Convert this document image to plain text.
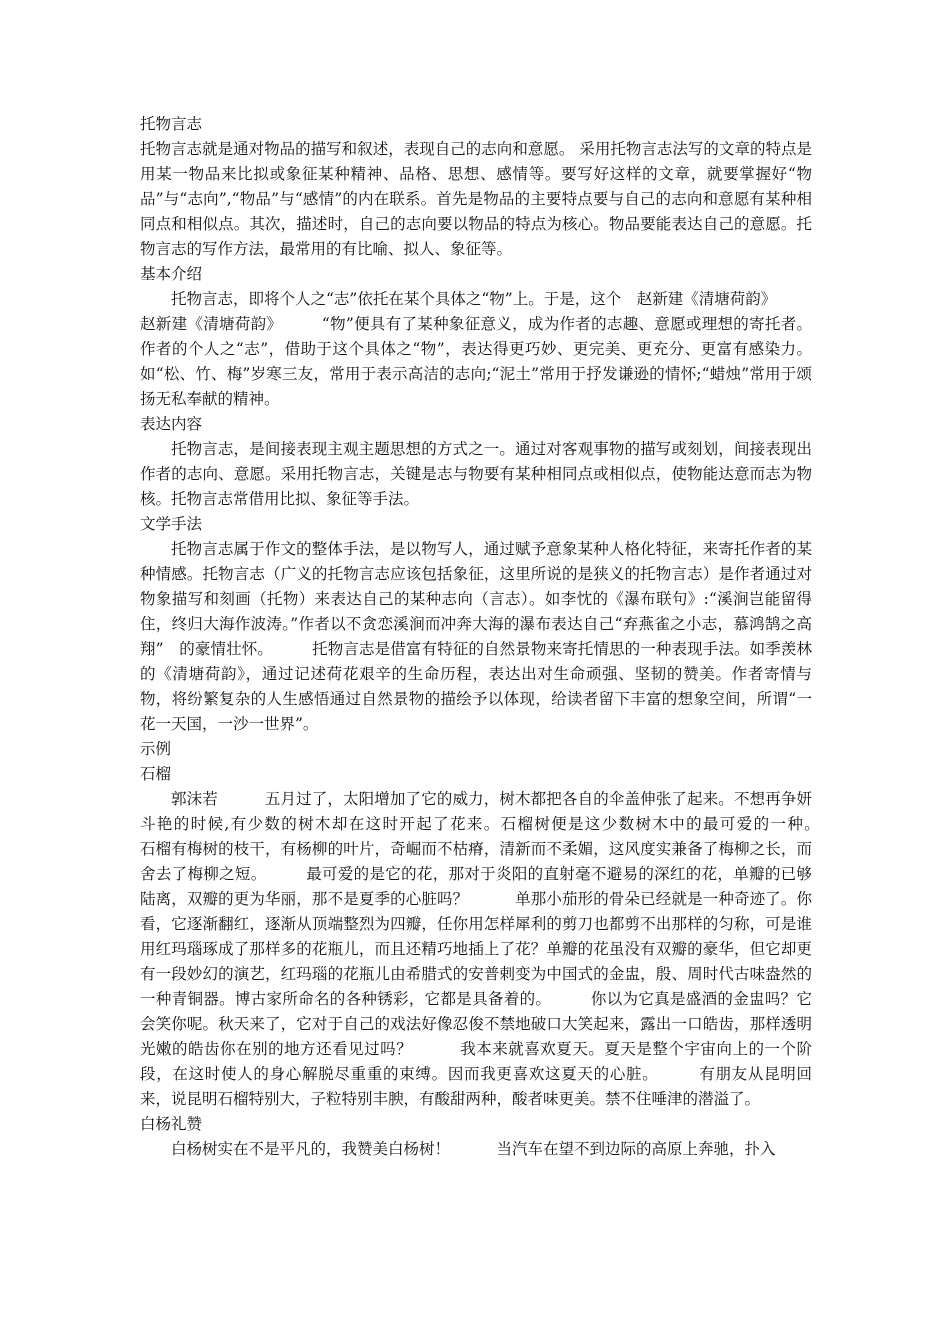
托物言志

托物言志就是通对物品的描写和叙述，表现自己的志向和意愿。 采用托物言志法写的文章的特点是用某一物品来比拟或象征某种精神、品格、思想、感情等。要写好这样的文章，就要掌握好“物品”与“志向”,“物品”与“感情”的内在联系。首先是物品的主要特点要与自己的志向和意愿有某种相同点和相似点。其次，描述时，自己的志向要以物品的特点为核心。物品要能表达自己的意愿。托物言志的写作方法，最常用的有比喻、拟人、象征等。

基本介绍

托物言志，即将个人之“志”依托在某个具体之“物”上。于是，这个　赵新建《清塘荷韵》

赵新建《清塘荷韵》　　　“物”便具有了某种象征意义，成为作者的志趣、意愿或理想的寄托者。作者的个人之“志”，借助于这个具体之“物”，表达得更巧妙、更完美、更充分、更富有感染力。如“松、竹、梅”岁寒三友，常用于表示高洁的志向;“泥土”常用于抒发谦逊的情怀;“蜡烛”常用于颂扬无私奉献的精神。

表达内容

托物言志，是间接表现主观主题思想的方式之一。通过对客观事物的描写或刻划，间接表现出作者的志向、意愿。采用托物言志，关键是志与物要有某种相同点或相似点，使物能达意而志为物核。托物言志常借用比拟、象征等手法。

文学手法

托物言志属于作文的整体手法，是以物写人，通过赋予意象某种人格化特征，来寄托作者的某种情感。托物言志（广义的托物言志应该包括象征，这里所说的是狭义的托物言志）是作者通过对物象描写和刻画（托物）来表达自己的某种志向（言志）。如李忱的《瀑布联句》:“溪涧岂能留得住，终归大海作波涛。”作者以不贪恋溪涧而冲奔大海的瀑布表达自己“弃燕雀之小志，慕鸿鹄之高翔”　的豪情壮怀。　　　托物言志是借富有特征的自然景物来寄托情思的一种表现手法。如季羡林的《清塘荷韵》，通过记述荷花艰辛的生命历程，表达出对生命顽强、坚韧的赞美。作者寄情与物，将纷繁复杂的人生感悟通过自然景物的描绘予以体现，给读者留下丰富的想象空间，所谓“一花一天国，一沙一世界”。

示例
石榴

郭沫若　　　五月过了，太阳增加了它的威力，树木都把各自的伞盖伸张了起来。不想再争妍斗艳的时候,有少数的树木却在这时开起了花来。石榴树便是这少数树木中的最可爱的一种。　　　石榴有梅树的枝干，有杨柳的叶片，奇崛而不枯瘠，清新而不柔媚，这风度实兼备了梅柳之长，而舍去了梅柳之短。　　　最可爱的是它的花，那对于炎阳的直射毫不避易的深红的花，单瓣的已够陆离，双瓣的更为华丽，那不是夏季的心脏吗？　　　单那小茄形的骨朵已经就是一种奇迹了。你看，它逐渐翻红，逐渐从顶端整烈为四瓣，任你用怎样犀利的剪刀也都剪不出那样的匀称，可是谁用红玛瑙琢成了那样多的花瓶儿，而且还精巧地插上了花？单瓣的花虽没有双瓣的豪华，但它却更有一段妙幻的演艺，红玛瑙的花瓶儿由希腊式的安普剌变为中国式的金盅，殷、周时代古味盎然的一种青铜器。博古家所命名的各种锈彩，它都是具备着的。　　　你以为它真是盛酒的金盅吗？它会笑你呢。秋天来了，它对于自己的戏法好像忍俊不禁地破口大笑起来，露出一口皓齿，那样透明光嫩的皓齿你在别的地方还看见过吗？　　　我本来就喜欢夏天。夏天是整个宇宙向上的一个阶段，在这时使人的身心解脱尽重重的束缚。因而我更喜欢这夏天的心脏。　　　有朋友从昆明回来，说昆明石榴特别大，子粒特别丰腴，有酸甜两种，酸者味更美。禁不住唾津的潜溢了。

白杨礼赞

白杨树实在不是平凡的，我赞美白杨树！　　　当汽车在望不到边际的高原上奔驰，扑入
